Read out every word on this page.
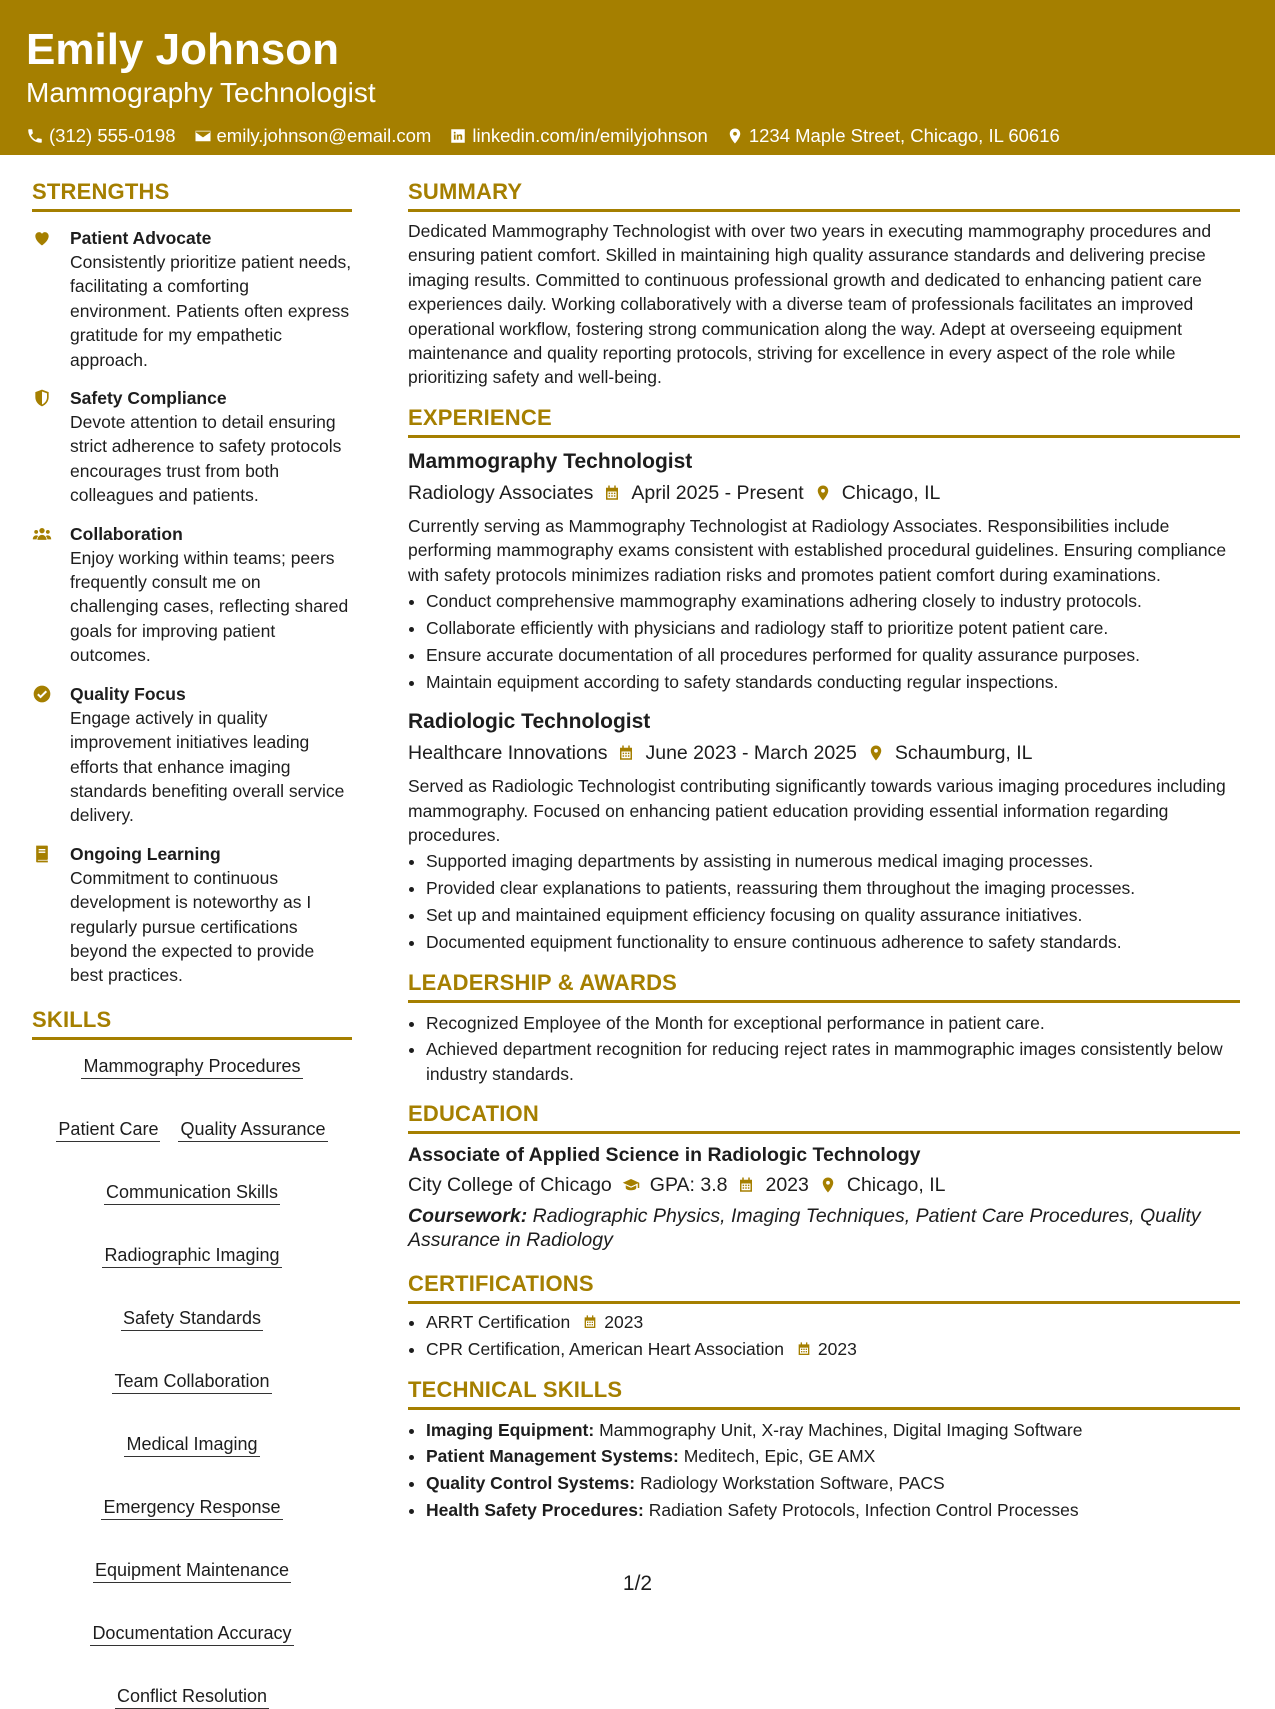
Emily Johnson
Mammography Technologist
(312) 555-0198 emily.johnson@email.com linkedin.com/in/emilyjohnson 1234 Maple Street, Chicago, IL 60616
STRENGTHS
Patient Advocate
Consistently prioritize patient needs, facilitating a comforting environment. Patients often express gratitude for my empathetic approach.
Safety Compliance
Devote attention to detail ensuring strict adherence to safety protocols encourages trust from both colleagues and patients.
Collaboration
Enjoy working within teams; peers frequently consult me on challenging cases, reflecting shared goals for improving patient outcomes.
Quality Focus
Engage actively in quality improvement initiatives leading efforts that enhance imaging standards benefiting overall service delivery.
Ongoing Learning
Commitment to continuous development is noteworthy as I regularly pursue certifications beyond the expected to provide best practices.
SKILLS
Mammography Procedures
Patient Care Quality Assurance
Communication Skills
Radiographic Imaging
Safety Standards
Team Collaboration
Medical Imaging
Emergency Response
Equipment Maintenance
Documentation Accuracy
Conflict Resolution
SUMMARY
Dedicated Mammography Technologist with over two years in executing mammography procedures and ensuring patient comfort. Skilled in maintaining high quality assurance standards and delivering precise imaging results. Committed to continuous professional growth and dedicated to enhancing patient care experiences daily. Working collaboratively with a diverse team of professionals facilitates an improved operational workflow, fostering strong communication along the way. Adept at overseeing equipment maintenance and quality reporting protocols, striving for excellence in every aspect of the role while prioritizing safety and well-being.
EXPERIENCE
Mammography Technologist
Radiology Associates April 2025 - Present Chicago, IL
Currently serving as Mammography Technologist at Radiology Associates. Responsibilities include performing mammography exams consistent with established procedural guidelines. Ensuring compliance with safety protocols minimizes radiation risks and promotes patient comfort during examinations.
• Conduct comprehensive mammography examinations adhering closely to industry protocols.
• Collaborate efficiently with physicians and radiology staff to prioritize potent patient care.
• Ensure accurate documentation of all procedures performed for quality assurance purposes.
• Maintain equipment according to safety standards conducting regular inspections.
Radiologic Technologist
Healthcare Innovations June 2023 - March 2025 Schaumburg, IL
Served as Radiologic Technologist contributing significantly towards various imaging procedures including mammography. Focused on enhancing patient education providing essential information regarding procedures.
• Supported imaging departments by assisting in numerous medical imaging processes.
• Provided clear explanations to patients, reassuring them throughout the imaging processes.
• Set up and maintained equipment efficiency focusing on quality assurance initiatives.
• Documented equipment functionality to ensure continuous adherence to safety standards.
LEADERSHIP & AWARDS
• Recognized Employee of the Month for exceptional performance in patient care.
• Achieved department recognition for reducing reject rates in mammographic images consistently below industry standards.
EDUCATION
Associate of Applied Science in Radiologic Technology
City College of Chicago GPA: 3.8 2023 Chicago, IL
Coursework: Radiographic Physics, Imaging Techniques, Patient Care Procedures, Quality Assurance in Radiology
CERTIFICATIONS
• ARRT Certification 2023
• CPR Certification, American Heart Association 2023
TECHNICAL SKILLS
• Imaging Equipment: Mammography Unit, X-ray Machines, Digital Imaging Software
• Patient Management Systems: Meditech, Epic, GE AMX
• Quality Control Systems: Radiology Workstation Software, PACS
• Health Safety Procedures: Radiation Safety Protocols, Infection Control Processes
1/2
